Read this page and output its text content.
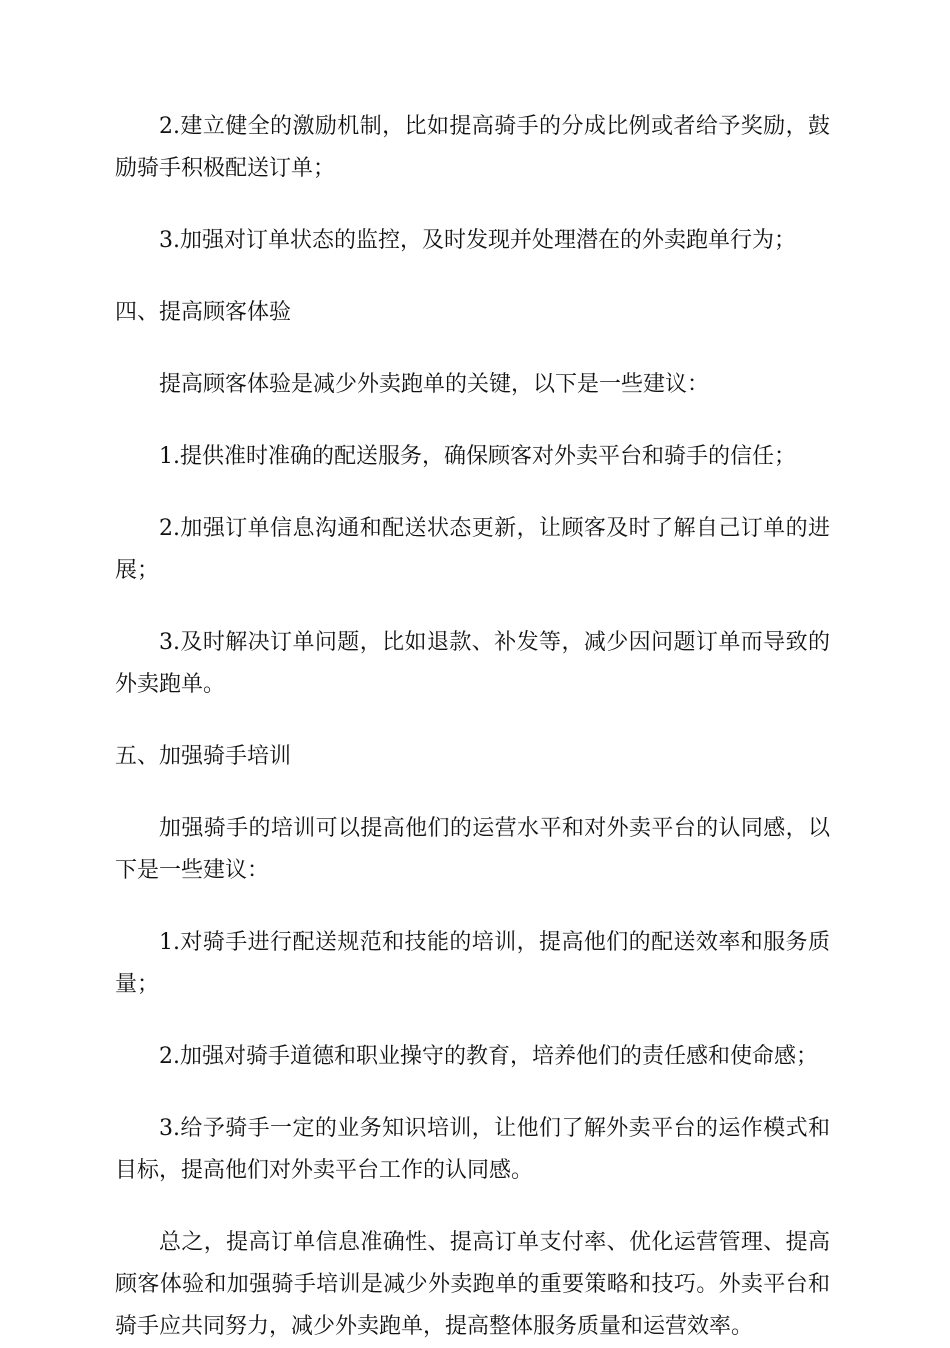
2.建立健全的激励机制，比如提高骑手的分成比例或者给予奖励，鼓励骑手积极配送订单；

3.加强对订单状态的监控，及时发现并处理潜在的外卖跑单行为；

四、提高顾客体验

提高顾客体验是减少外卖跑单的关键，以下是一些建议：

1.提供准时准确的配送服务，确保顾客对外卖平台和骑手的信任；

2.加强订单信息沟通和配送状态更新，让顾客及时了解自己订单的进展；

3.及时解决订单问题，比如退款、补发等，减少因问题订单而导致的外卖跑单。

五、加强骑手培训

加强骑手的培训可以提高他们的运营水平和对外卖平台的认同感，以下是一些建议：

1.对骑手进行配送规范和技能的培训，提高他们的配送效率和服务质量；

2.加强对骑手道德和职业操守的教育，培养他们的责任感和使命感；

3.给予骑手一定的业务知识培训，让他们了解外卖平台的运作模式和目标，提高他们对外卖平台工作的认同感。

总之，提高订单信息准确性、提高订单支付率、优化运营管理、提高顾客体验和加强骑手培训是减少外卖跑单的重要策略和技巧。外卖平台和骑手应共同努力，减少外卖跑单，提高整体服务质量和运营效率。
